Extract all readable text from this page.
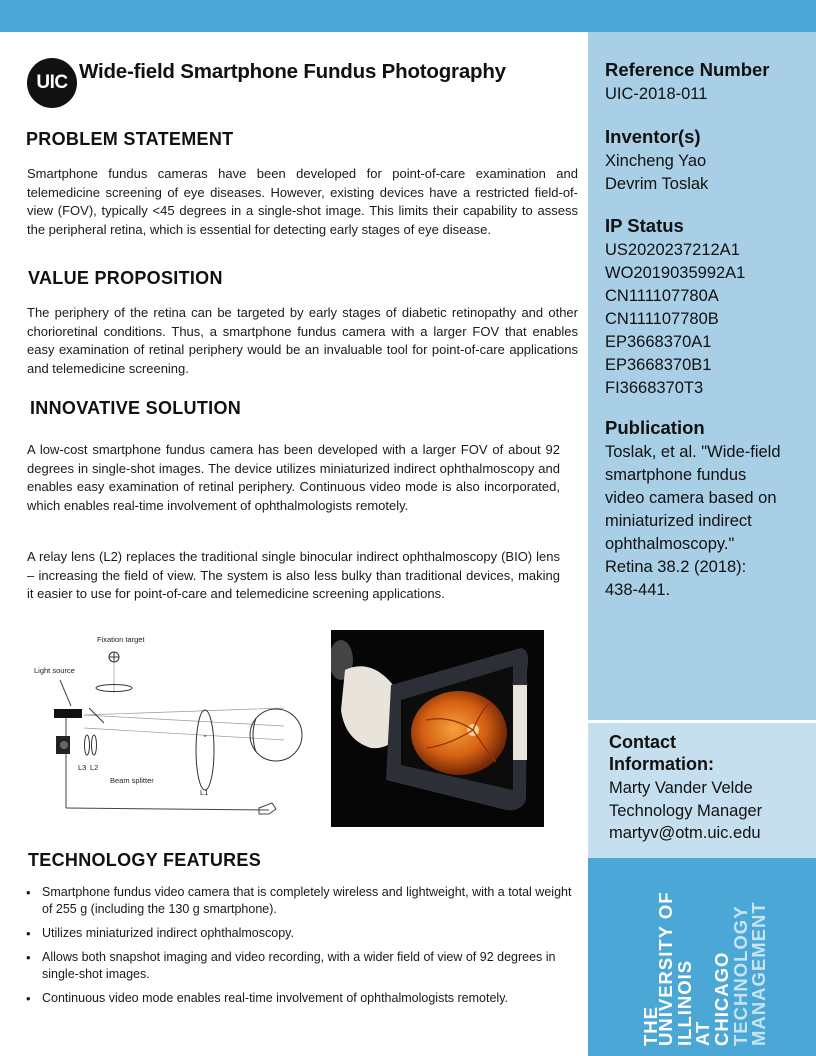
THE
UNIVERSITY OF
ILLINOIS
AT
CHICAGO
TECHNOLOGY
MANAGEMENT
UIC Wide-field Smartphone Fundus Photography
PROBLEM STATEMENT
Smartphone fundus cameras have been developed for point-of-care examination and telemedicine screening of eye diseases. However, existing devices have a restricted field-of-view (FOV), typically <45 degrees in a single-shot image. This limits their capability to assess the peripheral retina, which is essential for detecting early stages of eye disease.
VALUE PROPOSITION
The periphery of the retina can be targeted by early stages of diabetic retinopathy and other chorioretinal conditions. Thus, a smartphone fundus camera with a larger FOV that enables easy examination of retinal periphery would be an invaluable tool for point-of-care applications and telemedicine screening.
INNOVATIVE SOLUTION
A low-cost smartphone fundus camera has been developed with a larger FOV of about 92 degrees in single-shot images. The device utilizes miniaturized indirect ophthalmoscopy and enables easy examination of retinal periphery. Continuous video mode is also incorporated, which enables real-time involvement of ophthalmologists remotely.
A relay lens (L2) replaces the traditional single binocular indirect ophthalmoscopy (BIO) lens – increasing the field of view. The system is also less bulky than traditional devices, making it easier to use for point-of-care and telemedicine screening applications.
Fixation target
Light source
L3 L2
Beam splitter
L1
TECHNOLOGY FEATURES
• Smartphone fundus video camera that is completely wireless and lightweight, with a total weight of 255 g (including the 130 g smartphone).
• Utilizes miniaturized indirect ophthalmoscopy.
• Allows both snapshot imaging and video recording, with a wider field of view of 92 degrees in single-shot images.
• Continuous video mode enables real-time involvement of ophthalmologists remotely.
Reference Number
UIC-2018-011
Inventor(s)
Xincheng Yao
Devrim Toslak
IP Status
US2020237212A1
WO2019035992A1
CN111107780A
CN111107780B
EP3668370A1
EP3668370B1
FI3668370T3
Publication
Toslak, et al. "Wide-field
smartphone fundus
video camera based on
miniaturized indirect
ophthalmoscopy."
Retina 38.2 (2018):
438-441.
Contact
Information:
Marty Vander Velde
Technology Manager
martyv@otm.uic.edu
